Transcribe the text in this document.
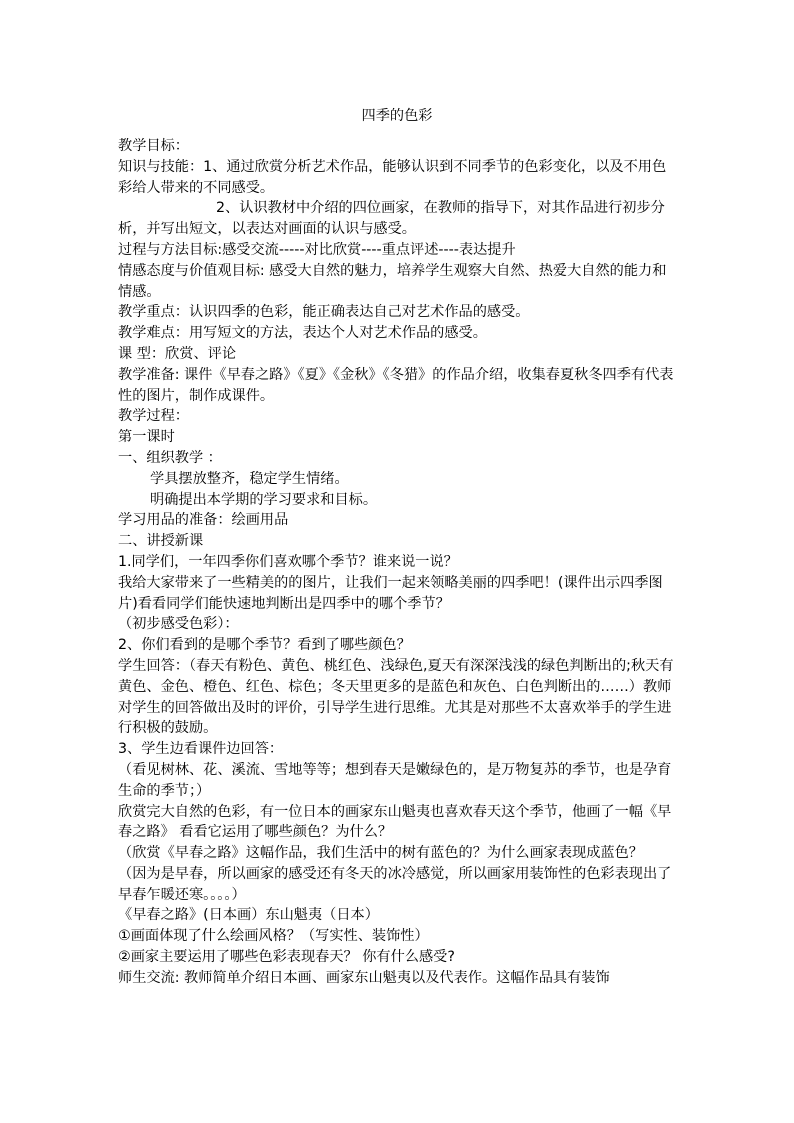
四季的色彩

教学目标：

知识与技能：1、通过欣赏分析艺术作品，能够认识到不同季节的色彩变化，以及不用色彩给人带来的不同感受。

2、认识教材中介绍的四位画家，在教师的指导下，对其作品进行初步分析，并写出短文，以表达对画面的认识与感受。

过程与方法目标:感受交流-----对比欣赏----重点评述----表达提升

情感态度与价值观目标: 感受大自然的魅力，培养学生观察大自然、热爱大自然的能力和情感。

教学重点：认识四季的色彩，能正确表达自己对艺术作品的感受。

教学难点：用写短文的方法，表达个人对艺术作品的感受。

课 型：欣赏、评论

教学准备: 课件《早春之路》《夏》《金秋》《冬猎》的作品介绍，收集春夏秋冬四季有代表性的图片，制作成课件。

教学过程：

第一课时

一、组织教学 ：

学具摆放整齐，稳定学生情绪。

明确提出本学期的学习要求和目标。

学习用品的准备：绘画用品

二、讲授新课

1.同学们，一年四季你们喜欢哪个季节？谁来说一说？

我给大家带来了一些精美的的图片，让我们一起来领略美丽的四季吧！(课件出示四季图片)看看同学们能快速地判断出是四季中的哪个季节？

（初步感受色彩）：

2、你们看到的是哪个季节？看到了哪些颜色？

学生回答：（春天有粉色、黄色、桃红色、浅绿色,夏天有深深浅浅的绿色判断出的;秋天有黄色、金色、橙色、红色、棕色；冬天里更多的是蓝色和灰色、白色判断出的……）教师对学生的回答做出及时的评价，引导学生进行思维。尤其是对那些不太喜欢举手的学生进行积极的鼓励。

3、学生边看课件边回答：

（看见树林、花、溪流、雪地等等；想到春天是嫩绿色的，是万物复苏的季节，也是孕育生命的季节；）

欣赏完大自然的色彩，有一位日本的画家东山魁夷也喜欢春天这个季节，他画了一幅《早春之路》 看看它运用了哪些颜色？为什么？

（欣赏《早春之路》这幅作品，我们生活中的树有蓝色的？为什么画家表现成蓝色？

（因为是早春，所以画家的感受还有冬天的冰冷感觉，所以画家用装饰性的色彩表现出了早春乍暖还寒。。。。）

《早春之路》(日本画）东山魁夷（日本）

①画面体现了什么绘画风格？（写实性、装饰性）

②画家主要运用了哪些色彩表现春天？ 你有什么感受?

师生交流: 教师简单介绍日本画、画家东山魁夷以及代表作。这幅作品具有装饰
